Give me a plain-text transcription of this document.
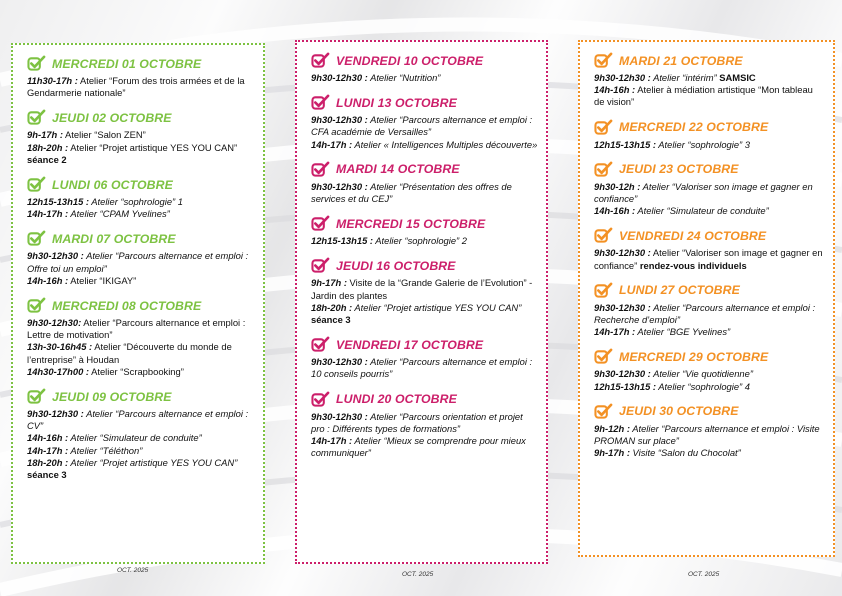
MERCREDI 01 OCTOBRE
11h30-17h : Atelier “Forum des trois armées et de la Gendarmerie nationale”
JEUDI 02 OCTOBRE
9h-17h : Atelier “Salon ZEN”
18h-20h : Atelier “Projet artistique YES YOU CAN” séance 2
LUNDI 06 OCTOBRE
12h15-13h15 : Atelier “sophrologie” 1
14h-17h : Atelier “CPAM Yvelines”
MARDI 07 OCTOBRE
9h30-12h30 : Atelier “Parcours alternance et emploi : Offre toi un emploi”
14h-16h : Atelier “IKIGAY”
MERCREDI 08 OCTOBRE
9h30-12h30: Atelier “Parcours alternance et emploi : Lettre de motivation”
13h-30-16h45 : Atelier “Découverte du monde de l’entreprise” à Houdan
14h30-17h00 : Atelier “Scrapbooking”
JEUDI 09 OCTOBRE
9h30-12h30 : Atelier “Parcours alternance et emploi : CV”
14h-16h : Atelier “Simulateur de conduite”
14h-17h : Atelier “Téléthon”
18h-20h : Atelier “Projet artistique YES YOU CAN” séance 3
VENDREDI 10 OCTOBRE
9h30-12h30 : Atelier “Nutrition”
LUNDI 13 OCTOBRE
9h30-12h30 : Atelier “Parcours alternance et emploi : CFA académie de Versailles”
14h-17h : Atelier « Intelligences Multiples découverte»
MARDI 14 OCTOBRE
9h30-12h30 : Atelier “Présentation des offres de services et du CEJ”
MERCREDI 15 OCTOBRE
12h15-13h15 : Atelier “sophrologie” 2
JEUDI 16 OCTOBRE
9h-17h : Visite de la “Grande Galerie de l’Evolution” - Jardin des plantes
18h-20h : Atelier “Projet artistique YES YOU CAN” séance 3
VENDREDI 17 OCTOBRE
9h30-12h30 : Atelier “Parcours alternance et emploi : 10 conseils pourris”
LUNDI 20 OCTOBRE
9h30-12h30 : Atelier “Parcours orientation et projet pro : Différents types de formations”
14h-17h : Atelier “Mieux se comprendre pour mieux communiquer”
MARDI 21 OCTOBRE
9h30-12h30 : Atelier “intérim” SAMSIC
14h-16h : Atelier à médiation artistique “Mon tableau de vision”
MERCREDI 22 OCTOBRE
12h15-13h15 : Atelier “sophrologie” 3
JEUDI 23 OCTOBRE
9h30-12h : Atelier “Valoriser son image et gagner en confiance”
14h-16h : Atelier “Simulateur de conduite”
VENDREDI 24 OCTOBRE
9h30-12h30 : Atelier “Valoriser son image et gagner en confiance” rendez-vous individuels
LUNDI 27 OCTOBRE
9h30-12h30 : Atelier “Parcours alternance et emploi : Recherche d’emploi”
14h-17h : Atelier “BGE Yvelines”
MERCREDI 29 OCTOBRE
9h30-12h30 : Atelier “Vie quotidienne”
12h15-13h15 : Atelier “sophrologie” 4
JEUDI 30 OCTOBRE
9h-12h : Atelier “Parcours alternance et emploi : Visite PROMAN sur place”
9h-17h : Visite “Salon du Chocolat”
OCT. 2025
OCT. 2025	OCT. 2025
